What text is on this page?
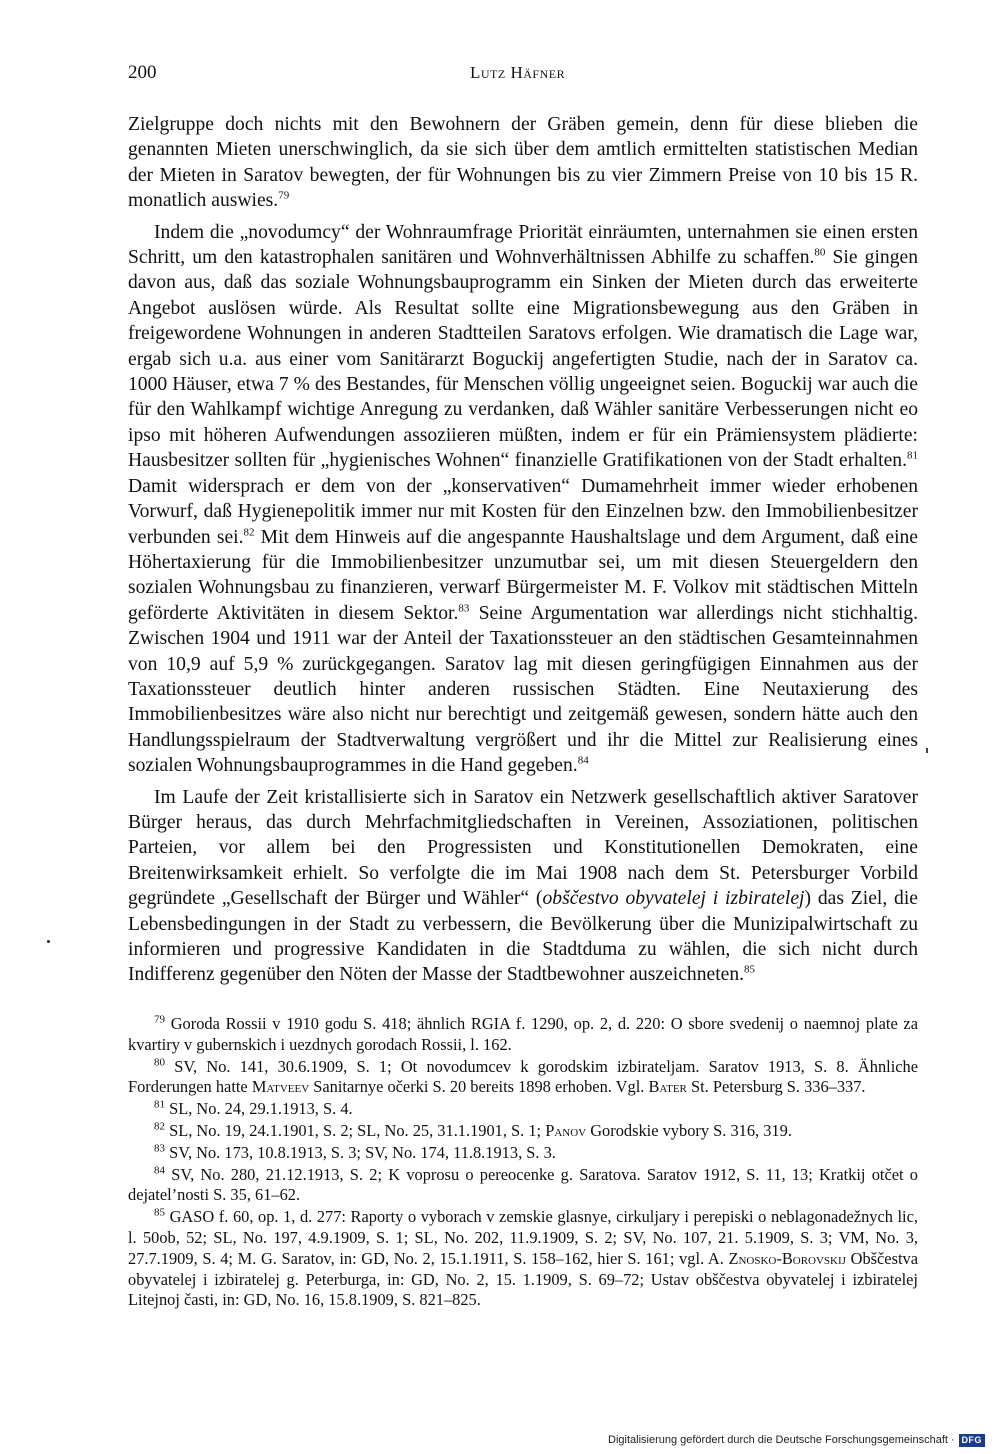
200	Lutz Häfner

Zielgruppe doch nichts mit den Bewohnern der Gräben gemein, denn für diese blieben die genannten Mieten unerschwinglich, da sie sich über dem amtlich ermittelten statistischen Median der Mieten in Saratov bewegten, der für Wohnungen bis zu vier Zimmern Preise von 10 bis 15 R. monatlich auswies.$^{79}$

Indem die „novodumcy“ der Wohnraumfrage Priorität einräumten, unternahmen sie einen ersten Schritt, um den katastrophalen sanitären und Wohnverhältnissen Abhilfe zu schaffen.$^{80}$ Sie gingen davon aus, daß das soziale Wohnungsbauprogramm ein Sinken der Mieten durch das erweiterte Angebot auslösen würde. Als Resultat sollte eine Migrationsbewegung aus den Gräben in freigewordene Wohnungen in anderen Stadtteilen Saratovs erfolgen. Wie dramatisch die Lage war, ergab sich u.a. aus einer vom Sanitärarzt Boguckij angefertigten Studie, nach der in Saratov ca. 1000 Häuser, etwa 7 % des Bestandes, für Menschen völlig ungeeignet seien. Boguckij war auch die für den Wahlkampf wichtige Anregung zu verdanken, daß Wähler sanitäre Verbesserungen nicht eo ipso mit höheren Aufwendungen assoziieren müßten, indem er für ein Prämiensystem plädierte: Hausbesitzer sollten für „hygienisches Wohnen“ finanzielle Gratifikationen von der Stadt erhalten.$^{81}$ Damit widersprach er dem von der „konservativen“ Dumamehrheit immer wieder erhobenen Vorwurf, daß Hygienepolitik immer nur mit Kosten für den Einzelnen bzw. den Immobilienbesitzer verbunden sei.$^{82}$ Mit dem Hinweis auf die angespannte Haushaltslage und dem Argument, daß eine Höhertaxierung für die Immobilienbesitzer unzumutbar sei, um mit diesen Steuergeldern den sozialen Wohnungsbau zu finanzieren, verwarf Bürgermeister M. F. Volkov mit städtischen Mitteln geförderte Aktivitäten in diesem Sektor.$^{83}$ Seine Argumentation war allerdings nicht stichhaltig. Zwischen 1904 und 1911 war der Anteil der Taxationssteuer an den städtischen Gesamteinnahmen von 10,9 auf 5,9 % zurückgegangen. Saratov lag mit diesen geringfügigen Einnahmen aus der Taxationssteuer deutlich hinter anderen russischen Städten. Eine Neutaxierung des Immobilienbesitzes wäre also nicht nur berechtigt und zeitgemäß gewesen, sondern hätte auch den Handlungsspielraum der Stadtverwaltung vergrößert und ihr die Mittel zur Realisierung eines sozialen Wohnungsbauprogrammes in die Hand gegeben.$^{84}$

Im Laufe der Zeit kristallisierte sich in Saratov ein Netzwerk gesellschaftlich aktiver Saratover Bürger heraus, das durch Mehrfachmitgliedschaften in Vereinen, Assoziationen, politischen Parteien, vor allem bei den Progressisten und Konstitutionellen Demokraten, eine Breitenwirksamkeit erhielt. So verfolgte die im Mai 1908 nach dem St. Petersburger Vorbild gegründete „Gesellschaft der Bürger und Wähler“ (obščestvo obyvatelej i izbiratelej) das Ziel, die Lebensbedingungen in der Stadt zu verbessern, die Bevölkerung über die Munizipalwirtschaft zu informieren und progressive Kandidaten in die Stadtduma zu wählen, die sich nicht durch Indifferenz gegenüber den Nöten der Masse der Stadtbewohner auszeichneten.$^{85}$

$^{79}$ Goroda Rossii v 1910 godu S. 418; ähnlich RGIA f. 1290, op. 2, d. 220: O sbore svedenij o naemnoj plate za kvartiry v gubernskich i uezdnych gorodach Rossii, l. 162.
$^{80}$ SV, No. 141, 30.6.1909, S. 1; Ot novodumcev k gorodskim izbirateljam. Saratov 1913, S. 8. Ähnliche Forderungen hatte Matveev Sanitarnye očerki S. 20 bereits 1898 erhoben. Vgl. Bater St. Petersburg S. 336–337.
$^{81}$ SL, No. 24, 29.1.1913, S. 4.
$^{82}$ SL, No. 19, 24.1.1901, S. 2; SL, No. 25, 31.1.1901, S. 1; Panov Gorodskie vybory S. 316, 319.
$^{83}$ SV, No. 173, 10.8.1913, S. 3; SV, No. 174, 11.8.1913, S. 3.
$^{84}$ SV, No. 280, 21.12.1913, S. 2; K voprosu o pereocenke g. Saratova. Saratov 1912, S. 11, 13; Kratkij otčet o dejatel’nosti S. 35, 61–62.
$^{85}$ GASO f. 60, op. 1, d. 277: Raporty o vyborach v zemskie glasnye, cirkuljary i perepiski o neblagonadežnych lic, l. 50ob, 52; SL, No. 197, 4.9.1909, S. 1; SL, No. 202, 11.9.1909, S. 2; SV, No. 107, 21. 5.1909, S. 3; VM, No. 3, 27.7.1909, S. 4; M. G. Saratov, in: GD, No. 2, 15.1.1911, S. 158–162, hier S. 161; vgl. A. Znosko-Borovskij Obščestva obyvatelej i izbiratelej g. Peterburga, in: GD, No. 2, 15. 1.1909, S. 69–72; Ustav obščestva obyvatelej i izbiratelej Litejnoj časti, in: GD, No. 16, 15.8.1909, S. 821–825.
Digitalisierung gefördert durch die Deutsche Forschungsgemeinschaft · DFG
